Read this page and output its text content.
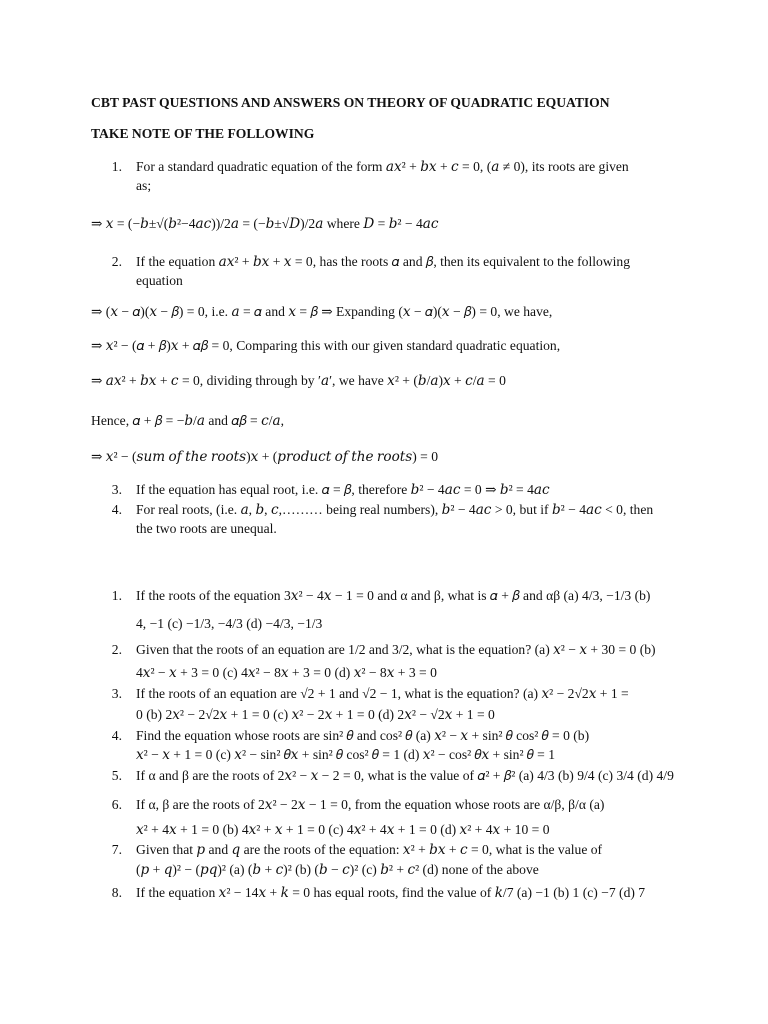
CBT PAST QUESTIONS AND ANSWERS ON THEORY OF QUADRATIC EQUATION
TAKE NOTE OF THE FOLLOWING
1. For a standard quadratic equation of the form 𝑎𝑥² + 𝑏𝑥 + 𝑐 = 0, (𝑎 ≠ 0), its roots are given
as;
⇒ 𝑥 = (−𝑏±√(𝑏²−4𝑎𝑐))/2𝑎 = (−𝑏±√𝐷)/2𝑎 where 𝐷 = 𝑏² − 4𝑎𝑐
2. If the equation 𝑎𝑥² + 𝑏𝑥 + 𝑥 = 0, has the roots 𝛼 and 𝛽, then its equivalent to the following
equation
⇒ (𝑥 − 𝛼)(𝑥 − 𝛽) = 0, i.e. 𝑎 = 𝛼 and 𝑥 = 𝛽 ⇒ Expanding (𝑥 − 𝛼)(𝑥 − 𝛽) = 0, we have,
⇒ 𝑥² − (𝛼 + 𝛽)𝑥 + 𝛼𝛽 = 0, Comparing this with our given standard quadratic equation,
⇒ 𝑎𝑥² + 𝑏𝑥 + 𝑐 = 0, dividing through by ′𝑎′, we have 𝑥² + (𝑏/𝑎)𝑥 + 𝑐/𝑎 = 0
Hence, 𝛼 + 𝛽 = −𝑏/𝑎 and 𝛼𝛽 = 𝑐/𝑎,
⇒ 𝑥² − (𝑠𝑢𝑚 𝑜𝑓 𝑡ℎ𝑒 𝑟𝑜𝑜𝑡𝑠)𝑥 + (𝑝𝑟𝑜𝑑𝑢𝑐𝑡 𝑜𝑓 𝑡ℎ𝑒 𝑟𝑜𝑜𝑡𝑠) = 0
3. If the equation has equal root, i.e. 𝛼 = 𝛽, therefore 𝑏² − 4𝑎𝑐 = 0 ⇒ 𝑏² = 4𝑎𝑐
4. For real roots, (i.e. 𝑎, 𝑏, 𝑐,……… being real numbers), 𝑏² − 4𝑎𝑐 > 0, but if 𝑏² − 4𝑎𝑐 < 0, then
the two roots are unequal.
1. If the roots of the equation 3𝑥² − 4𝑥 − 1 = 0 and α and β, what is 𝛼 + 𝛽 and αβ (a) 4/3, −1/3 (b)
4, −1 (c) −1/3, −4/3 (d) −4/3, −1/3
2. Given that the roots of an equation are 1/2 and 3/2, what is the equation? (a) 𝑥² − 𝑥 + 30 = 0 (b)
4𝑥² − 𝑥 + 3 = 0 (c) 4𝑥² − 8𝑥 + 3 = 0 (d) 𝑥² − 8𝑥 + 3 = 0
3. If the roots of an equation are √2 + 1 and √2 − 1, what is the equation? (a) 𝑥² − 2√2𝑥 + 1 =
0 (b) 2𝑥² − 2√2𝑥 + 1 = 0 (c) 𝑥² − 2𝑥 + 1 = 0 (d) 2𝑥² − √2𝑥 + 1 = 0
4. Find the equation whose roots are sin² 𝜃 and cos² 𝜃 (a) 𝑥² − 𝑥 + sin² 𝜃 cos² 𝜃 = 0 (b)
𝑥² − 𝑥 + 1 = 0 (c) 𝑥² − sin² 𝜃𝑥 + sin² 𝜃 cos² 𝜃 = 1 (d) 𝑥² − cos² 𝜃𝑥 + sin² 𝜃 = 1
5. If α and β are the roots of 2𝑥² − 𝑥 − 2 = 0, what is the value of 𝛼² + 𝛽² (a) 4/3 (b) 9/4 (c) 3/4 (d) 4/9
6. If α, β are the roots of 2𝑥² − 2𝑥 − 1 = 0, from the equation whose roots are α/β, β/α (a)
𝑥² + 4𝑥 + 1 = 0 (b) 4𝑥² + 𝑥 + 1 = 0 (c) 4𝑥² + 4𝑥 + 1 = 0 (d) 𝑥² + 4𝑥 + 10 = 0
7. Given that 𝑝 and 𝑞 are the roots of the equation: 𝑥² + 𝑏𝑥 + 𝑐 = 0, what is the value of
(𝑝 + 𝑞)² − (𝑝𝑞)² (a) (𝑏 + 𝑐)² (b) (𝑏 − 𝑐)² (c) 𝑏² + 𝑐² (d) none of the above
8. If the equation 𝑥² − 14𝑥 + 𝑘 = 0 has equal roots, find the value of 𝑘/7 (a) −1 (b) 1 (c) −7 (d) 7
